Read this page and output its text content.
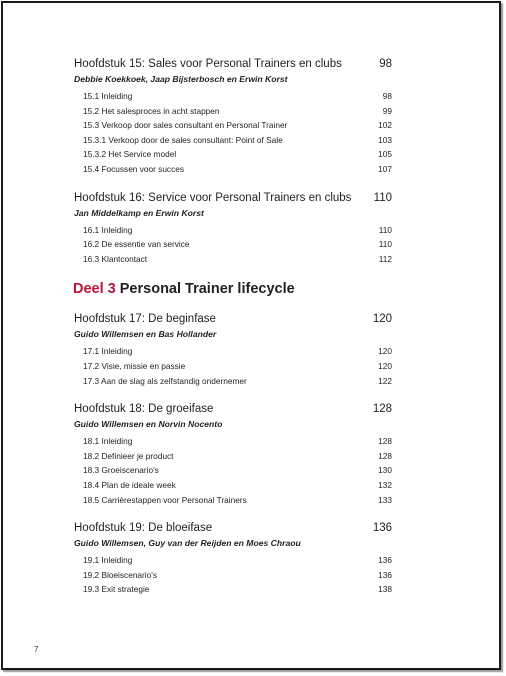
Hoofdstuk 15: Sales voor Personal Trainers en clubs	98
Debbie Koekkoek, Jaap Bijsterbosch en Erwin Korst
15.1 Inleiding	98
15.2 Het salesproces in acht stappen	99
15.3 Verkoop door sales consultant en Personal Trainer	102
15.3.1 Verkoop door de sales consultant: Point of Sale	103
15.3.2 Het Service model	105
15.4 Focussen voor succes	107
Hoofdstuk 16: Service voor Personal Trainers en clubs 110
Jan Middelkamp en Erwin Korst
16.1 Inleiding	110
16.2 De essentie van service	110
16.3 Klantcontact	112
Deel 3 Personal Trainer lifecycle
Hoofdstuk 17: De beginfase	120
Guido Willemsen en Bas Hollander
17.1 Inleiding	120
17.2 Visie, missie en passie	120
17.3 Aan de slag als zelfstandig ondernemer	122
Hoofdstuk 18: De groeifase	128
Guido Willemsen en Norvin Nocento
18.1 Inleiding	128
18.2 Definieer je product	128
18.3 Groeiscenario's	130
18.4 Plan de ideale week	132
18.5 Carrièrestappen voor Personal Trainers	133
Hoofdstuk 19: De bloeifase	136
Guido Willemsen, Guy van der Reijden en Moes Chraou
19.1 Inleiding	136
19.2 Bloeiscenario's	136
19.3 Exit strategie	138
7
